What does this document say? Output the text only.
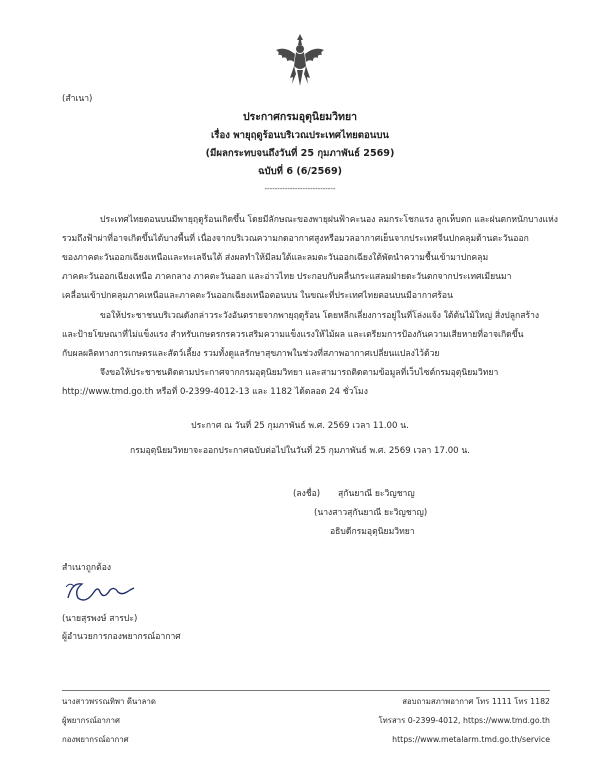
(สำเนา)
ประกาศกรมอุตุนิยมวิทยา
เรื่อง พายุฤดูร้อนบริเวณประเทศไทยตอนบน
(มีผลกระทบจนถึงวันที่ 25 กุมภาพันธ์ 2569)
ฉบับที่ 6 (6/2569)
----------------------------
ประเทศไทยตอนบนมีพายุฤดูร้อนเกิดขึ้น โดยมีลักษณะของพายุฝนฟ้าคะนอง ลมกระโชกแรง ลูกเห็บตก และฝนตกหนักบางแห่ง
รวมถึงฟ้าผ่าที่อาจเกิดขึ้นได้บางพื้นที่ เนื่องจากบริเวณความกดอากาศสูงหรือมวลอากาศเย็นจากประเทศจีนปกคลุมด้านตะวันออก
ของภาคตะวันออกเฉียงเหนือและทะเลจีนใต้ ส่งผลทำให้มีลมใต้และลมตะวันออกเฉียงใต้พัดนำความชื้นเข้ามาปกคลุม
ภาคตะวันออกเฉียงเหนือ ภาคกลาง ภาคตะวันออก และอ่าวไทย ประกอบกับคลื่นกระแสลมฝ่ายตะวันตกจากประเทศเมียนมา
เคลื่อนเข้าปกคลุมภาคเหนือและภาคตะวันออกเฉียงเหนือตอนบน ในขณะที่ประเทศไทยตอนบนมีอากาศร้อน
ขอให้ประชาชนบริเวณดังกล่าวระวังอันตรายจากพายุฤดูร้อน โดยหลีกเลี่ยงการอยู่ในที่โล่งแจ้ง ใต้ต้นไม้ใหญ่ สิ่งปลูกสร้าง
และป้ายโฆษณาที่ไม่แข็งแรง สำหรับเกษตรกรควรเสริมความแข็งแรงให้ไม้ผล และเตรียมการป้องกันความเสียหายที่อาจเกิดขึ้น
กับผลผลิตทางการเกษตรและสัตว์เลี้ยง รวมทั้งดูแลรักษาสุขภาพในช่วงที่สภาพอากาศเปลี่ยนแปลงไว้ด้วย
จึงขอให้ประชาชนติดตามประกาศจากกรมอุตุนิยมวิทยา และสามารถติดตามข้อมูลที่เว็บไซต์กรมอุตุนิยมวิทยา
http://www.tmd.go.th หรือที่ 0-2399-4012-13 และ 1182 ได้ตลอด 24 ชั่วโมง
ประกาศ ณ วันที่ 25 กุมภาพันธ์ พ.ศ. 2569 เวลา 11.00 น.
กรมอุตุนิยมวิทยาจะออกประกาศฉบับต่อไปในวันที่ 25 กุมภาพันธ์ พ.ศ. 2569 เวลา 17.00 น.
(ลงชื่อ) สุกันยาณี ยะวิญชาญ
(นางสาวสุกันยาณี ยะวิญชาญ)
อธิบดีกรมอุตุนิยมวิทยา
สำเนาถูกต้อง
(นายสุรพงษ์ สารปะ)
ผู้อำนวยการกองพยากรณ์อากาศ
นางสาวพรรณทิพา ดีนาลาด
ผู้พยากรณ์อากาศ
กองพยากรณ์อากาศ
สอบถามสภาพอากาศ โทร 1111 โทร 1182
โทรสาร 0-2399-4012, https://www.tmd.go.th
https://www.metalarm.tmd.go.th/service
